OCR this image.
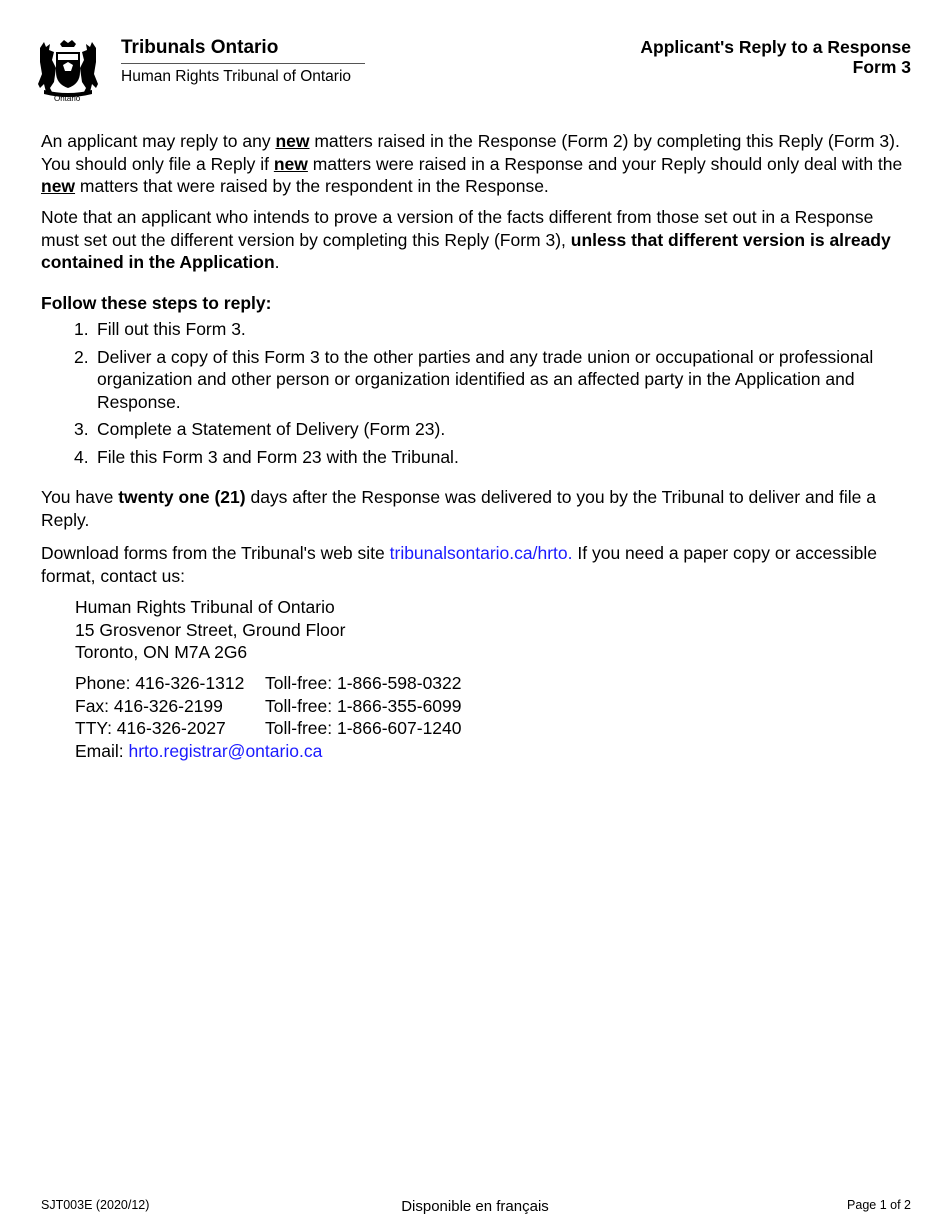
Ontario
Tribunals Ontario
Human Rights Tribunal of Ontario
Applicant's Reply to a Response
Form 3
An applicant may reply to any new matters raised in the Response (Form 2) by completing this Reply (Form 3). You should only file a Reply if new matters were raised in a Response and your Reply should only deal with the new matters that were raised by the respondent in the Response.
Note that an applicant who intends to prove a version of the facts different from those set out in a Response must set out the different version by completing this Reply (Form 3), unless that different version is already contained in the Application.
Follow these steps to reply:
1. Fill out this Form 3.
2. Deliver a copy of this Form 3 to the other parties and any trade union or occupational or professional organization and other person or organization identified as an affected party in the Application and Response.
3. Complete a Statement of Delivery (Form 23).
4. File this Form 3 and Form 23 with the Tribunal.
You have twenty one (21) days after the Response was delivered to you by the Tribunal to deliver and file a Reply.
Download forms from the Tribunal's web site tribunalsontario.ca/hrto. If you need a paper copy or accessible format, contact us:
Human Rights Tribunal of Ontario
15 Grosvenor Street, Ground Floor
Toronto, ON M7A 2G6
Phone: 416-326-1312	Toll-free: 1-866-598-0322
Fax: 416-326-2199	Toll-free: 1-866-355-6099
TTY: 416-326-2027	Toll-free: 1-866-607-1240
Email: hrto.registrar@ontario.ca
SJT003E (2020/12)	Disponible en français	Page 1 of 2
